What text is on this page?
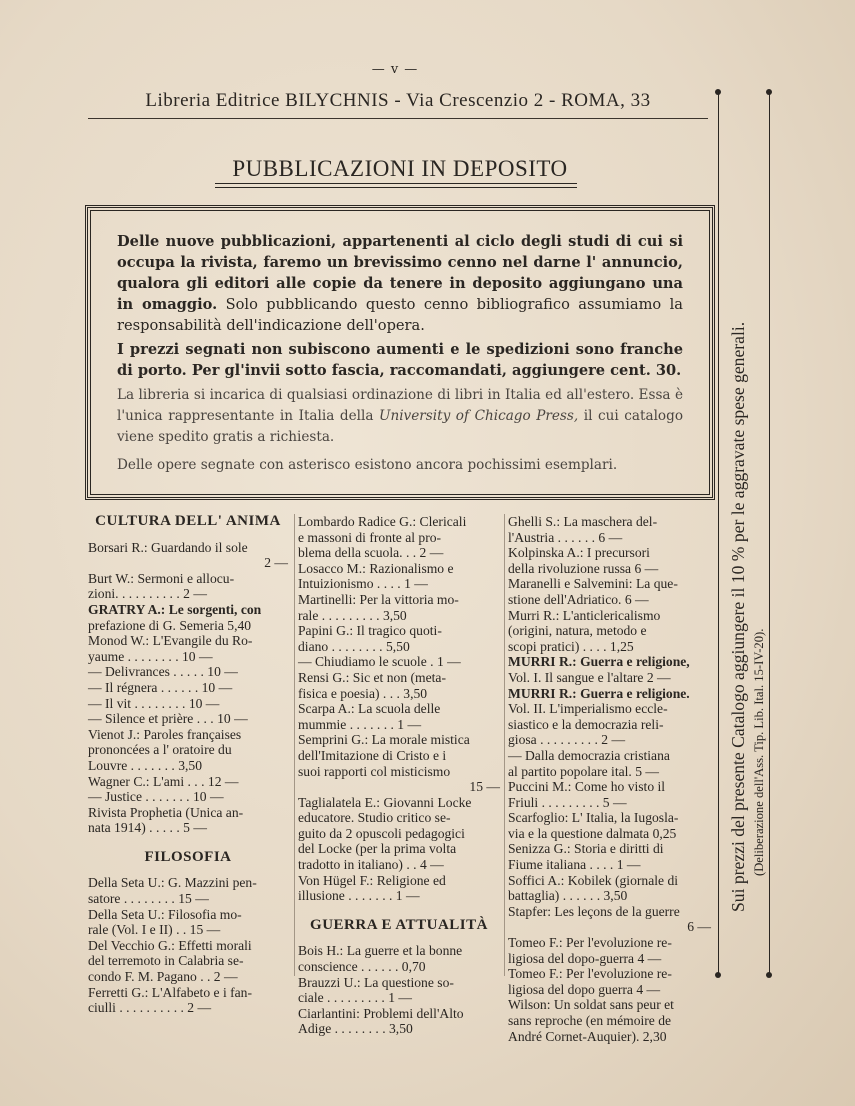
— v —
Libreria Editrice BILYCHNIS - Via Crescenzio 2 - ROMA, 33
PUBBLICAZIONI IN DEPOSITO

Delle nuove pubblicazioni, appartenenti al ciclo degli studi di cui si occupa la rivista, faremo un brevissimo cenno nel darne l' annuncio, qualora gli editori alle copie da tenere in deposito aggiungano una in omaggio. Solo pubblicando questo cenno bibliografico assumiamo la responsabilità dell'indicazione dell'opera.

I prezzi segnati non subiscono aumenti e le spedizioni sono franche di porto. Per gl'invii sotto fascia, raccomandati, aggiungere cent. 30.

La libreria si incarica di qualsiasi ordinazione di libri in Italia ed all'estero. Essa è l'unica rappresentante in Italia della University of Chicago Press, il cui catalogo viene spedito gratis a richiesta.

Delle opere segnate con asterisco esistono ancora pochissimi esemplari.

CULTURA DELL' ANIMA
Borsari R.: Guardando il sole
2 —
Burt W.: Sermoni e allocu-
zioni. . . . . . . . . . 2 —
GRATRY A.: Le sorgenti, con
prefazione di G. Semeria 5,40
Monod W.: L'Evangile du Ro-
yaume . . . . . . . . 10 —
— Delivrances . . . . . 10 —
— Il régnera . . . . . . 10 —
— Il vit . . . . . . . . 10 —
— Silence et prière . . . 10 —
Vienot J.: Paroles françaises
prononcées a l' oratoire du
Louvre . . . . . . . 3,50
Wagner C.: L'ami . . . 12 —
— Justice . . . . . . . 10 —
Rivista Prophetia (Unica an-
nata 1914) . . . . . 5 —
FILOSOFIA
Della Seta U.: G. Mazzini pen-
satore . . . . . . . . 15 —
Della Seta U.: Filosofia mo-
rale (Vol. I e II) . . 15 —
Del Vecchio G.: Effetti morali
del terremoto in Calabria se-
condo F. M. Pagano . . 2 —
Ferretti G.: L'Alfabeto e i fan-
ciulli . . . . . . . . . . 2 —
Lombardo Radice G.: Clericali
e massoni di fronte al pro-
blema della scuola. . . 2 —
Losacco M.: Razionalismo e
Intuizionismo . . . . 1 —
Martinelli: Per la vittoria mo-
rale . . . . . . . . . 3,50
Papini G.: Il tragico quoti-
diano . . . . . . . . 5,50
— Chiudiamo le scuole . 1 —
Rensi G.: Sic et non (meta-
fisica e poesia) . . . 3,50
Scarpa A.: La scuola delle
mummie . . . . . . . 1 —
Semprini G.: La morale mistica
dell'Imitazione di Cristo e i
suoi rapporti col misticismo
15 —
Taglialatela E.: Giovanni Locke
educatore. Studio critico se-
guito da 2 opuscoli pedagogici
del Locke (per la prima volta
tradotto in italiano) . . 4 —
Von Hügel F.: Religione ed
illusione . . . . . . . 1 —
GUERRA E ATTUALITÀ
Bois H.: La guerre et la bonne
conscience . . . . . . 0,70
Brauzzi U.: La questione so-
ciale . . . . . . . . . 1 —
Ciarlantini: Problemi dell'Alto
Adige . . . . . . . . 3,50
Ghelli S.: La maschera del-
l'Austria . . . . . . 6 —
Kolpinska A.: I precursori
della rivoluzione russa 6 —
Maranelli e Salvemini: La que-
stione dell'Adriatico. 6 —
Murri R.: L'anticlericalismo
(origini, natura, metodo e
scopi pratici) . . . . 1,25
MURRI R.: Guerra e religione,
Vol. I. Il sangue e l'altare 2 —
MURRI R.: Guerra e religione.
Vol. II. L'imperialismo eccle-
siastico e la democrazia reli-
giosa . . . . . . . . . 2 —
— Dalla democrazia cristiana
al partito popolare ital. 5 —
Puccini M.: Come ho visto il
Friuli . . . . . . . . . 5 —
Scarfoglio: L' Italia, la Iugosla-
via e la questione dalmata 0,25
Senizza G.: Storia e diritti di
Fiume italiana . . . . 1 —
Soffici A.: Kobilek (giornale di
battaglia) . . . . . . 3,50
Stapfer: Les leçons de la guerre
6 —
Tomeo F.: Per l'evoluzione re-
ligiosa del dopo-guerra 4 —
Tomeo F.: Per l'evoluzione re-
ligiosa del dopo guerra 4 —
Wilson: Un soldat sans peur et
sans reproche (en mémoire de
André Cornet-Auquier). 2,30
Sui prezzi del presente Catalogo aggiungere il 10 % per le aggravate spese generali. (Deliberazione dell'Ass. Tip. Lib. Ital. 15-IV-20).
